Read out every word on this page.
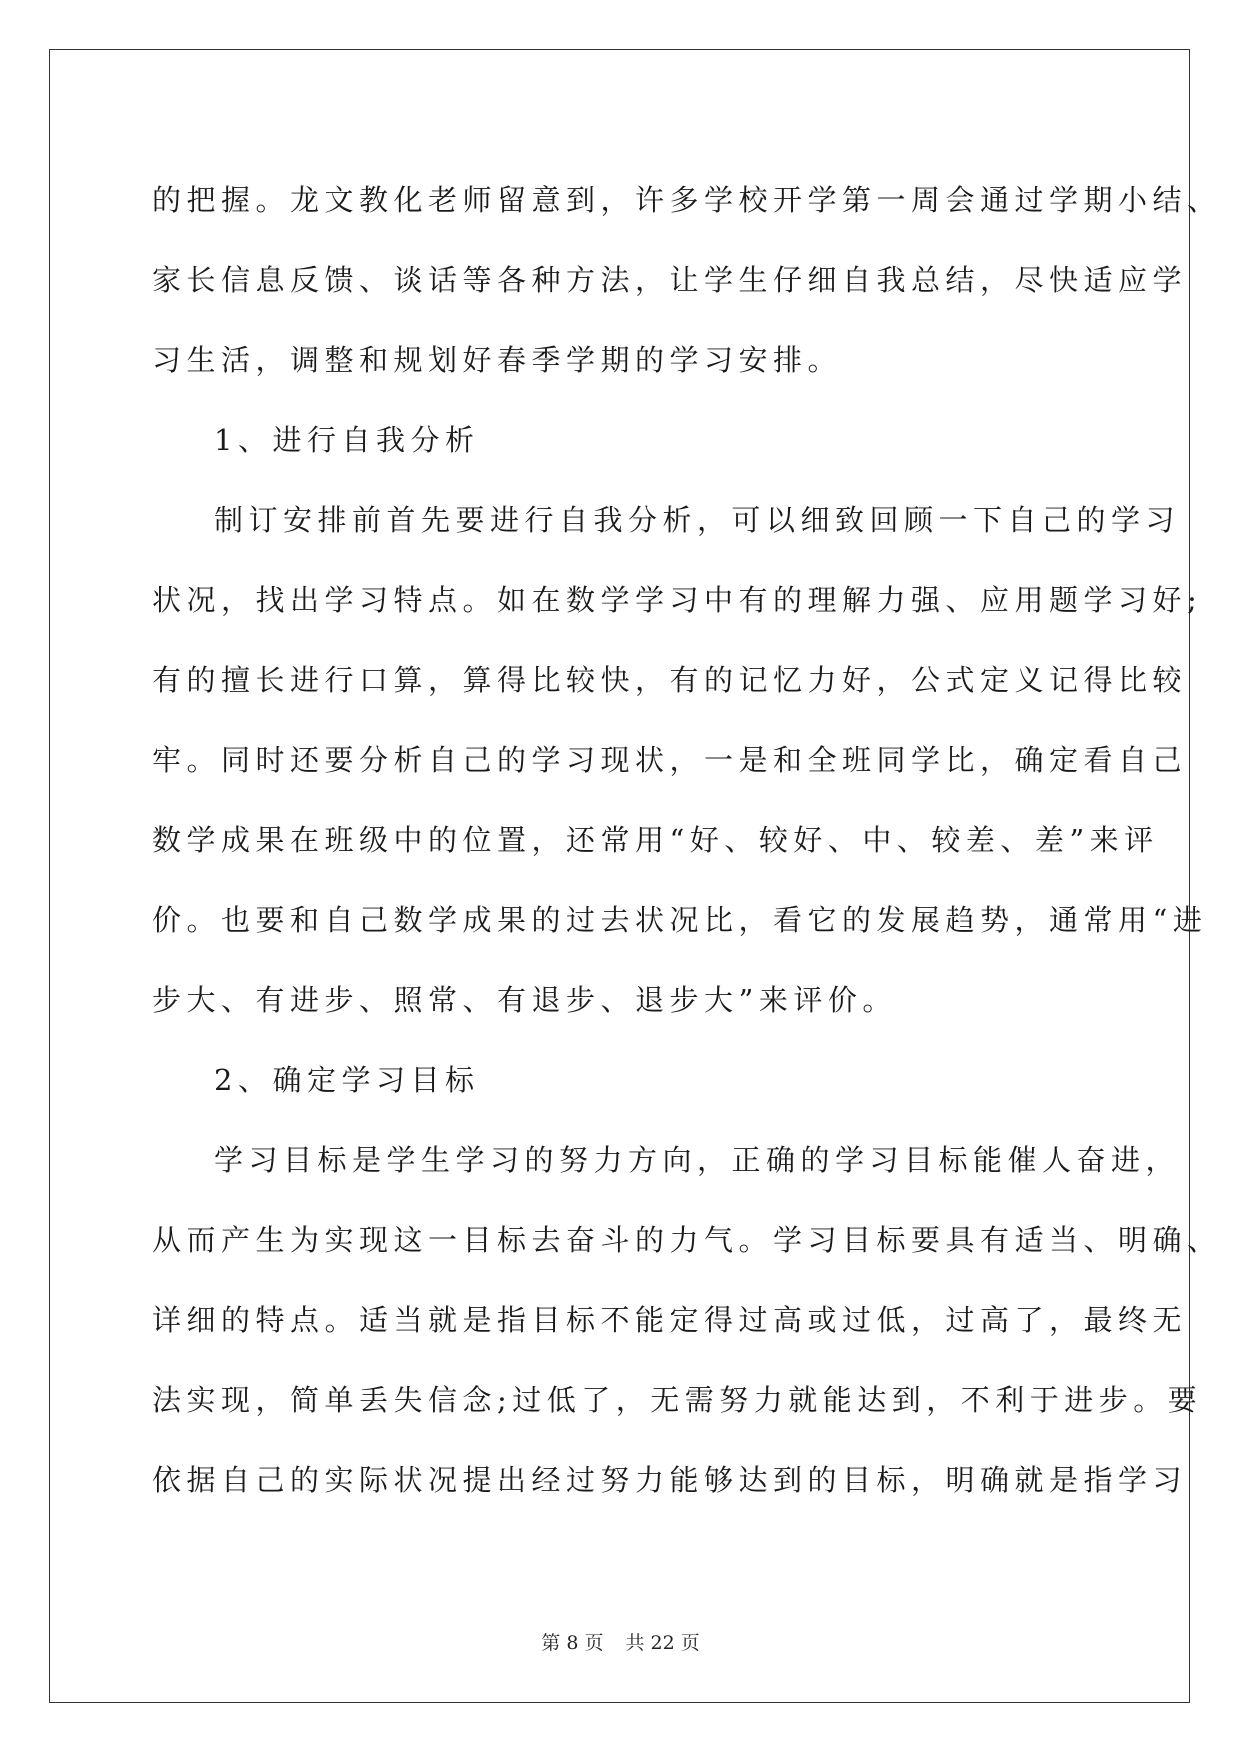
的把握。龙文教化老师留意到，许多学校开学第一周会通过学期小结、
家长信息反馈、谈话等各种方法，让学生仔细自我总结，尽快适应学
习生活，调整和规划好春季学期的学习安排。
1、进行自我分析
制订安排前首先要进行自我分析，可以细致回顾一下自己的学习
状况，找出学习特点。如在数学学习中有的理解力强、应用题学习好;
有的擅长进行口算，算得比较快，有的记忆力好，公式定义记得比较
牢。同时还要分析自己的学习现状，一是和全班同学比，确定看自己
数学成果在班级中的位置，还常用“好、较好、中、较差、差”来评
价。也要和自己数学成果的过去状况比，看它的发展趋势，通常用“进
步大、有进步、照常、有退步、退步大”来评价。
2、确定学习目标
学习目标是学生学习的努力方向，正确的学习目标能催人奋进，
从而产生为实现这一目标去奋斗的力气。学习目标要具有适当、明确、
详细的特点。适当就是指目标不能定得过高或过低，过高了，最终无
法实现，简单丢失信念;过低了，无需努力就能达到，不利于进步。要
依据自己的实际状况提出经过努力能够达到的目标，明确就是指学习
第 8 页 共 22 页
